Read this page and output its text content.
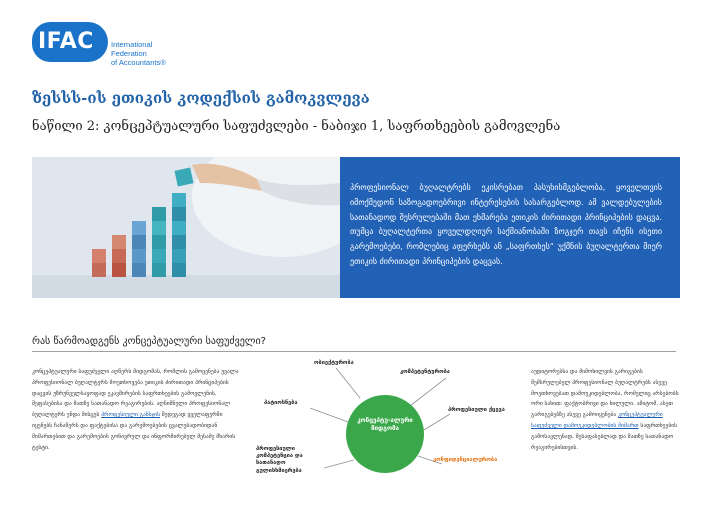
IFAC International
Federation
of Accountants®
ზესსს-ის ეთიკის კოდექსის გამოკვლევა
ნაწილი 2: კონცეპტუალური საფუძვლები - ნაბიჯი 1, საფრთხეების გამოვლენა
პროფესიონალ ბუღალტრებს ეკისრებათ პასუხისმგებლობა, ყოველთვის იმოქმედონ საზოგადოებრივი ინტერესების სასარგებლოდ. ამ ვალდებულების სათანადოდ შესრულებაში მათ ეხმარება ეთიკის ძირითადი პრინციპების დაცვა. თუმცა ბუღალტერთა ყოველდღიურ საქმიანობაში ზოგჯერ თავს იჩენს ისეთი გარემოებები, რომლებიც აფერხებს ან „საფრთხეს“ უქმნის ბუღალტერთა მიერ ეთიკის ძირითადი პრინციპების დაცვას.
რას წარმოადგენს კონცეპტუალური საფუძველი?
კონცეპტუალური საფუძველი აღწერს მიდგომას, რომლის გამოყენება უვალა პროფესიონალ ბუღალტერს მოეთხოვება ეთიკის ძირითადი პრინციპების დაცვის უზრუნველსაყოფად ეკავშირების საფრთხეების გამოვლენის, შეფასებისა და მათზე სათანადო რეაგირების. აღნიშნული პროფესიონალ ბუღალტერს უნდა მისცეს პროფესიული განსჯის შედეგად ყველაფერში იყენებს ჩანაწერს და ფაქტებისა და გარემოებების ცვალებადობიდან მიმართებით და გარემოების გონივრულ და ინფორმირებულ მესამე მხარის ტესტი.
ობიექტურობა
კომპეტენტურობა
პროფესიული ქცევა
კონფიდენციალურობა
პროფესიული კომპეტენცია და სათანადო გულისხმიერება
პატიოსნება
კონცეპტუ-ალური მიდგომა
აუდიტორებსა და მიმოხილვის გარიგების შემსრულებელ პროფესიონალ ბუღალტრებს ასევე მოეთხოვებათ დამოუკიდებლობა, რომელიც არსებობს ორი სახით: ფაქტობრივი და ხილული. ამიტომ, ასეთ გარიგებებზე ასევე გამოიყენება კონცეპტუალური საფუძველი დამოუკიდებლობის მიმართ საფრთხეების გამოსავლენად, შესაფასებლად და მათზე სათანადო რეაგირებისთვის.
